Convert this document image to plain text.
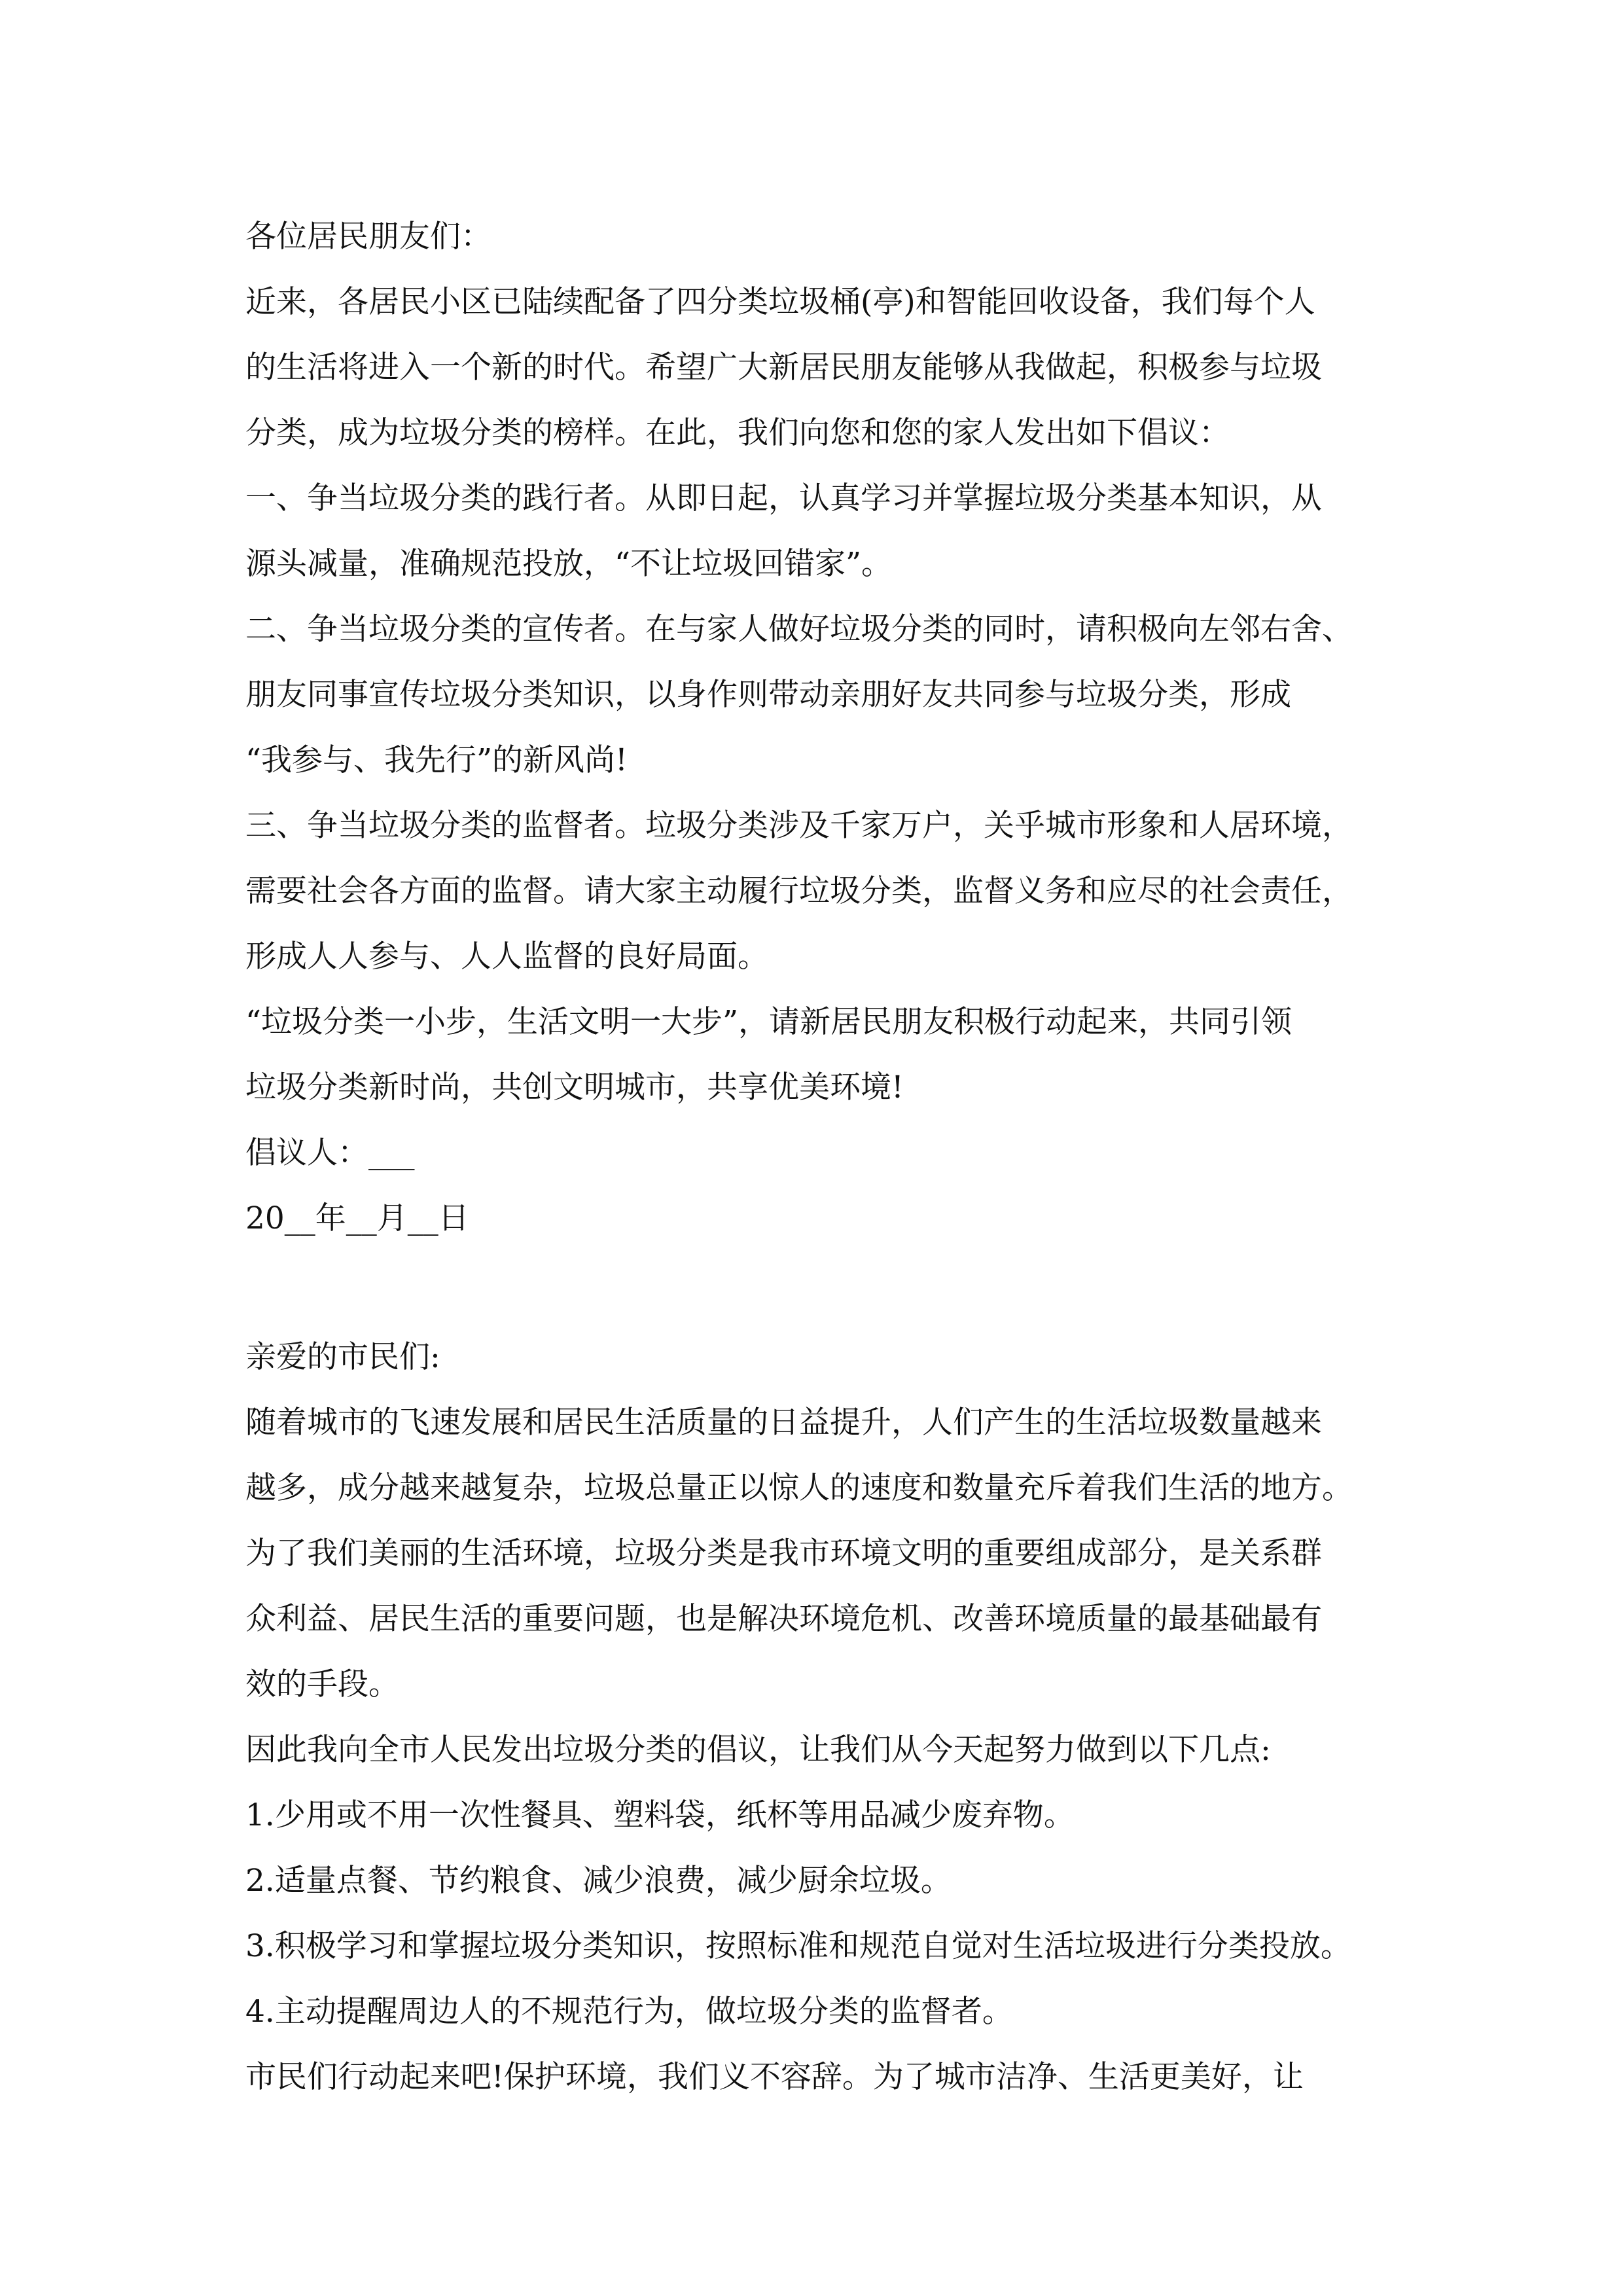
各位居民朋友们：
近来，各居民小区已陆续配备了四分类垃圾桶(亭)和智能回收设备，我们每个人
的生活将进入一个新的时代。希望广大新居民朋友能够从我做起，积极参与垃圾
分类，成为垃圾分类的榜样。在此，我们向您和您的家人发出如下倡议：
一、争当垃圾分类的践行者。从即日起，认真学习并掌握垃圾分类基本知识，从
源头减量，准确规范投放，“不让垃圾回错家”。
二、争当垃圾分类的宣传者。在与家人做好垃圾分类的同时，请积极向左邻右舍、
朋友同事宣传垃圾分类知识，以身作则带动亲朋好友共同参与垃圾分类，形成
“我参与、我先行”的新风尚!
三、争当垃圾分类的监督者。垃圾分类涉及千家万户，关乎城市形象和人居环境，
需要社会各方面的监督。请大家主动履行垃圾分类，监督义务和应尽的社会责任，
形成人人参与、人人监督的良好局面。
“垃圾分类一小步，生活文明一大步”，请新居民朋友积极行动起来，共同引领
垃圾分类新时尚，共创文明城市，共享优美环境!
倡议人：___
20__年__月__日
亲爱的市民们:
随着城市的飞速发展和居民生活质量的日益提升，人们产生的生活垃圾数量越来
越多，成分越来越复杂，垃圾总量正以惊人的速度和数量充斥着我们生活的地方。
为了我们美丽的生活环境，垃圾分类是我市环境文明的重要组成部分，是关系群
众利益、居民生活的重要问题，也是解决环境危机、改善环境质量的最基础最有
效的手段。
因此我向全市人民发出垃圾分类的倡议，让我们从今天起努力做到以下几点:
1.少用或不用一次性餐具、塑料袋，纸杯等用品减少废弃物。
2.适量点餐、节约粮食、减少浪费，减少厨余垃圾。
3.积极学习和掌握垃圾分类知识，按照标准和规范自觉对生活垃圾进行分类投放。
4.主动提醒周边人的不规范行为，做垃圾分类的监督者。
市民们行动起来吧!保护环境，我们义不容辞。为了城市洁净、生活更美好，让
